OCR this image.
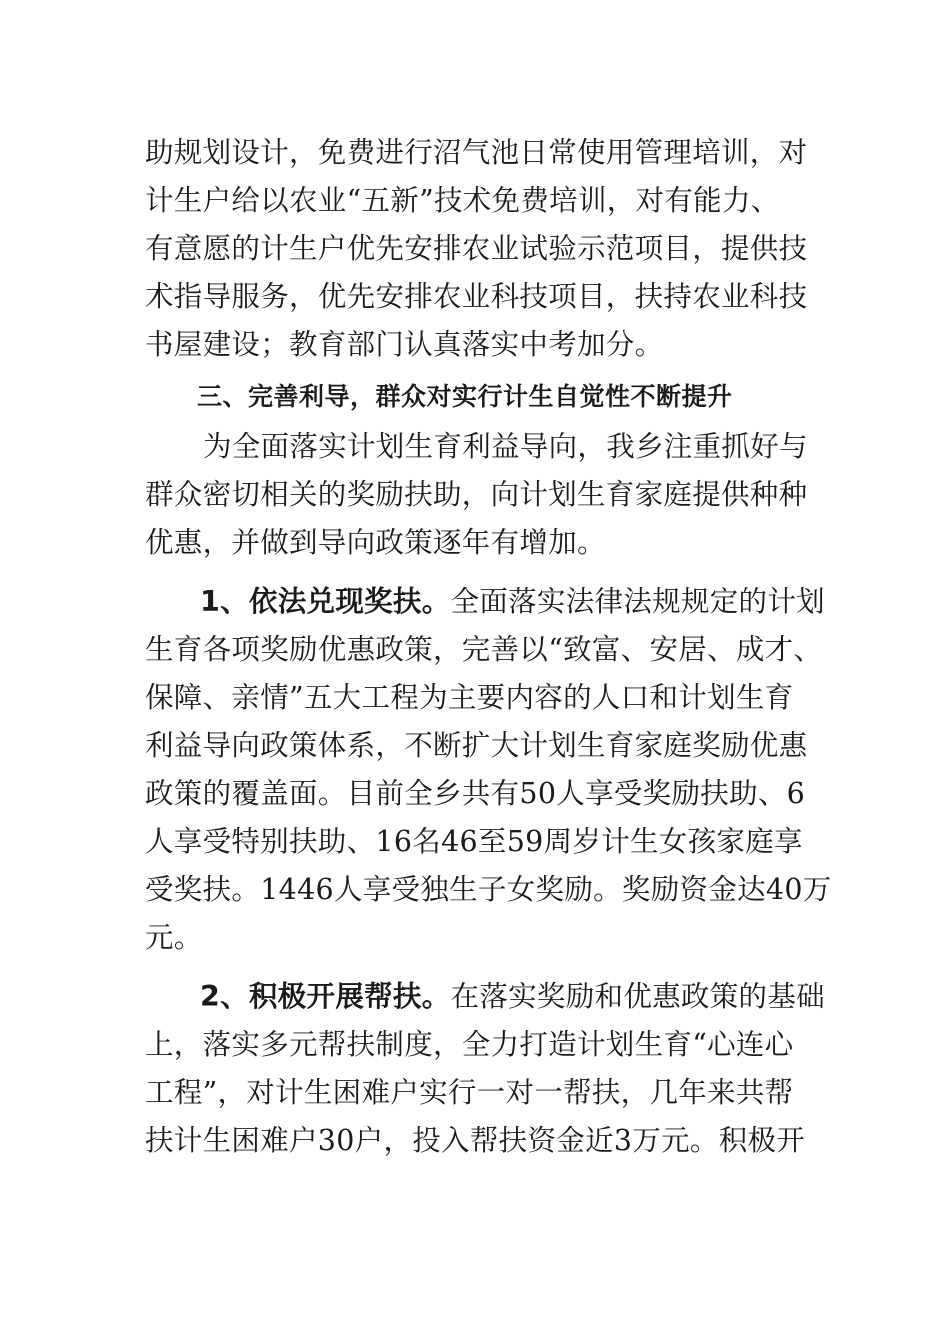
助规划设计，免费进行沼气池日常使用管理培训，对
计生户给以农业“五新”技术免费培训，对有能力、
有意愿的计生户优先安排农业试验示范项目，提供技
术指导服务，优先安排农业科技项目，扶持农业科技
书屋建设；教育部门认真落实中考加分。
三、完善利导，群众对实行计生自觉性不断提升
为全面落实计划生育利益导向，我乡注重抓好与
群众密切相关的奖励扶助，向计划生育家庭提供种种
优惠，并做到导向政策逐年有增加。
1、依法兑现奖扶。全面落实法律法规规定的计划
生育各项奖励优惠政策，完善以“致富、安居、成才、
保障、亲情”五大工程为主要内容的人口和计划生育
利益导向政策体系，不断扩大计划生育家庭奖励优惠
政策的覆盖面。目前全乡共有50人享受奖励扶助、6
人享受特别扶助、16名46至59周岁计生女孩家庭享
受奖扶。1446人享受独生子女奖励。奖励资金达40万
元。
2、积极开展帮扶。在落实奖励和优惠政策的基础
上，落实多元帮扶制度，全力打造计划生育“心连心
工程”，对计生困难户实行一对一帮扶，几年来共帮
扶计生困难户30户，投入帮扶资金近3万元。积极开
